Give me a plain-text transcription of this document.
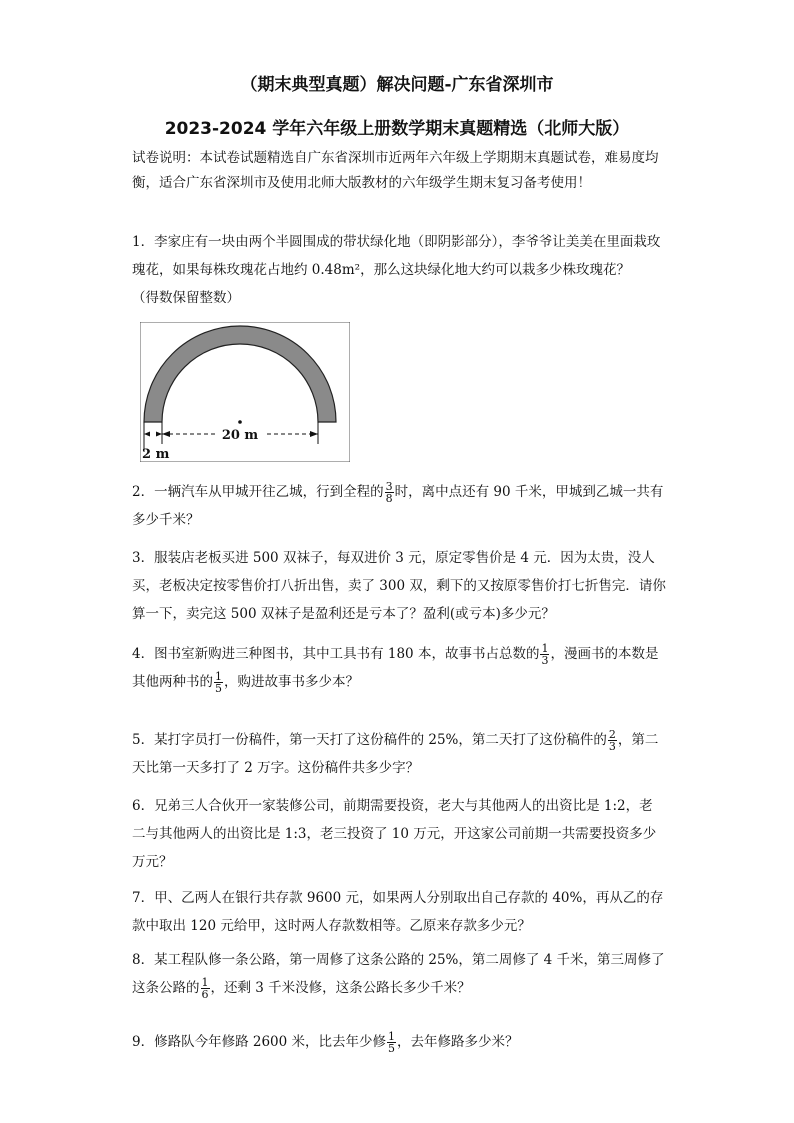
（期末典型真题）解决问题-广东省深圳市
2023-2024 学年六年级上册数学期末真题精选（北师大版）
试卷说明：本试卷试题精选自广东省深圳市近两年六年级上学期期末真题试卷，难易度均衡，适合广东省深圳市及使用北师大版教材的六年级学生期末复习备考使用！
1．李家庄有一块由两个半圆围成的带状绿化地（即阴影部分），李爷爷让美美在里面栽玫瑰花，如果每株玫瑰花占地约 0.48m²，那么这块绿化地大约可以栽多少株玫瑰花？
（得数保留整数）
20 m
2 m
2．一辆汽车从甲城开往乙城，行到全程的 $\frac{3}{8}$ 时，离中点还有 90 千米，甲城到乙城一共有多少千米？
3．服装店老板买进 500 双袜子，每双进价 3 元，原定零售价是 4 元．因为太贵，没人买，老板决定按零售价打八折出售，卖了 300 双，剩下的又按原零售价打七折售完．请你算一下，卖完这 500 双袜子是盈利还是亏本了？盈利(或亏本)多少元？
4．图书室新购进三种图书，其中工具书有 180 本，故事书占总数的 $\frac{1}{3}$ ，漫画书的本数是其他两种书的 $\frac{1}{5}$ ，购进故事书多少本？
5．某打字员打一份稿件，第一天打了这份稿件的 25%，第二天打了这份稿件的 $\frac{2}{3}$ ，第二天比第一天多打了 2 万字。这份稿件共多少字？
6．兄弟三人合伙开一家装修公司，前期需要投资，老大与其他两人的出资比是 1:2，老二与其他两人的出资比是 1:3，老三投资了 10 万元，开这家公司前期一共需要投资多少万元？
7．甲、乙两人在银行共存款 9600 元，如果两人分别取出自己存款的 40%，再从乙的存款中取出 120 元给甲，这时两人存款数相等。乙原来存款多少元？
8．某工程队修一条公路，第一周修了这条公路的 25%，第二周修了 4 千米，第三周修了这条公路的 $\frac{1}{6}$ ，还剩 3 千米没修，这条公路长多少千米？
9．修路队今年修路 2600 米，比去年少修 $\frac{1}{5}$ ，去年修路多少米？
